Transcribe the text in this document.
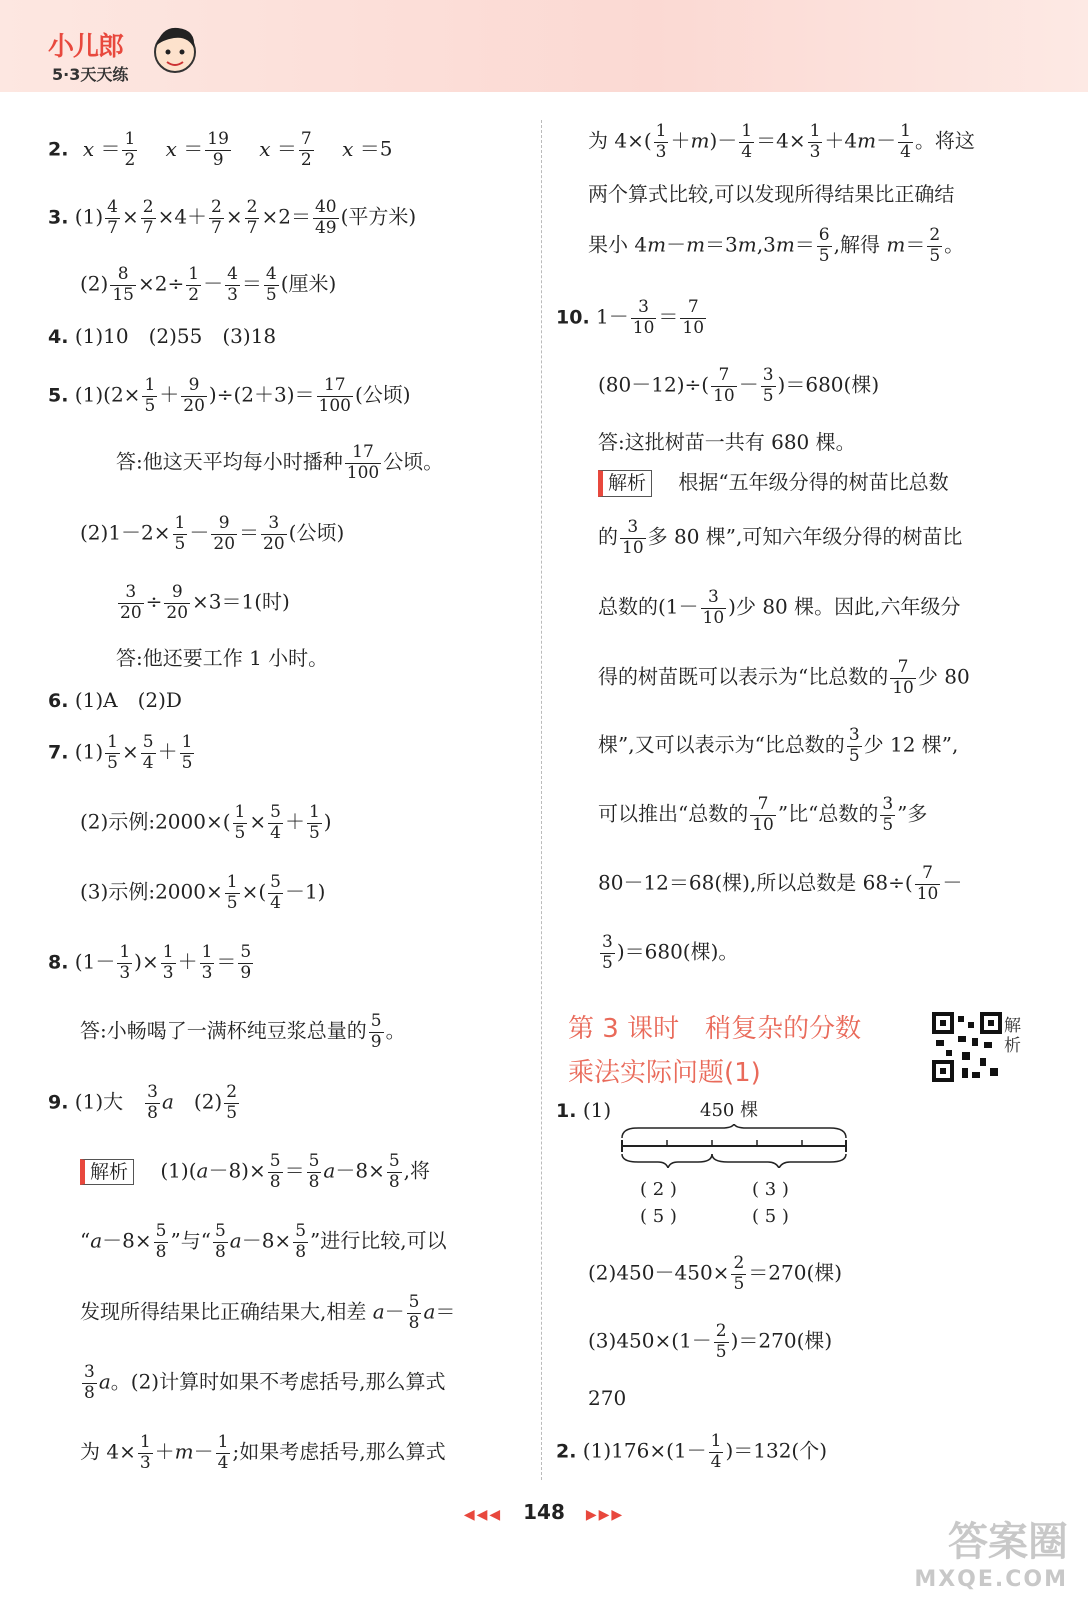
小儿郎
5·3天天练
2. $x = \frac{1}{2}$ $x = \frac{19}{9}$ $x = \frac{7}{2}$ x ＝5
3. $(1) \frac{4}{7} \times \frac{2}{7} \times 4+ \frac{2}{7} \times \frac{2}{7} \times 2= \frac{40}{49}$ (平方米)
$(2) \frac{8}{15} \times 2\div \frac{1}{2} - \frac{4}{3} = \frac{4}{5}$ (厘米)
4. (1)10　(2)55　(3)18
5. $(1)(2\times \frac{1}{5} + \frac{9}{20} )\div(2+3)= \frac{17}{100}$ (公顷)
答:他这天平均每小时播种 $\frac{17}{100}$ 公顷。
$(2)1-2\times \frac{1}{5} - \frac{9}{20} = \frac{3}{20}$ (公顷)
$\frac{3}{20} \div \frac{9}{20} \times 3=1$(时)
答:他还要工作 1 小时。
6. (1)A　(2)D
7. $(1) \frac{1}{5} \times \frac{5}{4} + \frac{1}{5}$
(2)示例:2000×( $\frac{1}{5} \times \frac{5}{4} + \frac{1}{5}$ )
(3)示例:2000× $\frac{1}{5}$ ×( $\frac{5}{4} -1$)
8. ($1- \frac{1}{3}$ )× $\frac{1}{3} + \frac{1}{3} = \frac{5}{9}$
答:小畅喝了一满杯纯豆浆总量的 $\frac{5}{9}$ 。
9. (1)大　 $\frac{3}{8}$ a　$(2) \frac{2}{5}$
解析 　$(1)(a-8)\times \frac{5}{8} = \frac{5}{8} a-8\times \frac{5}{8}$ ,将
“$a-8\times \frac{5}{8}$ ”与“ $\frac{5}{8} a-8\times \frac{5}{8}$ ”进行比较,可以
发现所得结果比正确结果大,相差 $a- \frac{5}{8} a=$
$\frac{3}{8}$ a。(2)计算时如果不考虑括号,那么算式
为 $4\times \frac{1}{3} +m- \frac{1}{4}$ ;如果考虑括号,那么算式
为 $4\times( \frac{1}{3} +m)- \frac{1}{4} =4\times \frac{1}{3} +4m- \frac{1}{4}$ 。将这
两个算式比较,可以发现所得结果比正确结
果小 $4m-m=3m,3m= \frac{6}{5}$ ,解得 $m= \frac{2}{5}$ 。
10. $1- \frac{3}{10} = \frac{7}{10}$
$(80-12)\div( \frac{7}{10} - \frac{3}{5} )=680$(棵)
答:这批树苗一共有 680 棵。
解析 　 根据“五年级分得的树苗比总数
的 $\frac{3}{10}$ 多 80 棵”,可知六年级分得的树苗比
总数的($1- \frac{3}{10}$ )少 80 棵。因此,六年级分
得的树苗既可以表示为“比总数的 $\frac{7}{10}$ 少 80
棵”,又可以表示为“比总数的 $\frac{3}{5}$ 少 12 棵”,
可以推出“总数的 $\frac{7}{10}$ ”比“总数的 $\frac{3}{5}$ ”多
80－12＝68(棵),所以总数是 $68\div( \frac{7}{10}$ －
$\frac{3}{5} )=680$(棵)。
第 3 课时　稍复杂的分数
乘法实际问题(1)
解析
1. (1)	450 棵
( 2 )
( 5 )
( 3 )
( 5 )
$(2)450-450\times \frac{2}{5} =270$(棵)
$(3)450\times(1- \frac{2}{5} )=270$(棵)
270
2. $(1)176\times(1- \frac{1}{4} )=132$(个)
◀◀◀ 148 ▶▶▶
答案圈
MXQE.COM
